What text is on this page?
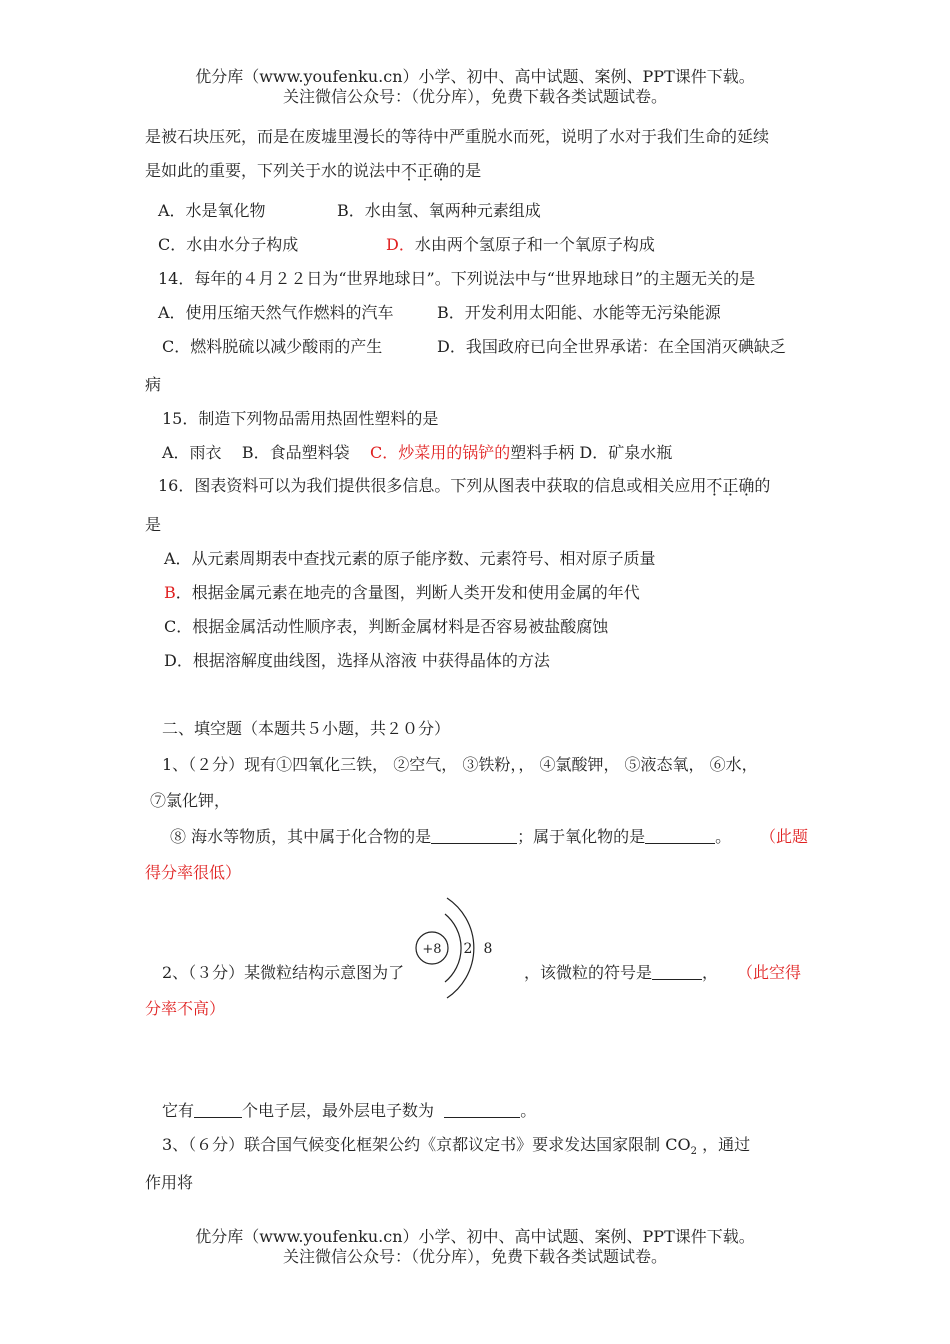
优分库（www.youfenku.cn）小学、初中、高中试题、案例、PPT课件下载。
关注微信公众号：（优分库），免费下载各类试题试卷。
是被石块压死，而是在废墟里漫长的等待中严重脱水而死，说明了水对于我们生命的延续
是如此的重要，下列关于水的说法中不正确的是
A．水是氧化物	B．水由氢、氧两种元素组成
C．水由水分子构成	D．水由两个氢原子和一个氧原子构成
14．每年的４月２２日为“世界地球日”。下列说法中与“世界地球日”的主题无关的是
A．使用压缩天然气作燃料的汽车	B．开发利用太阳能、水能等无污染能源
C．燃料脱硫以减少酸雨的产生	D．我国政府已向全世界承诺：在全国消灭碘缺乏
病
15．制造下列物品需用热固性塑料的是
A．雨衣 B．食品塑料袋 C．炒菜用的锅铲的塑料手柄 D．矿泉水瓶
16．图表资料可以为我们提供很多信息。下列从图表中获取的信息或相关应用不正确的
是
A．从元素周期表中查找元素的原子能序数、元素符号、相对原子质量
B．根据金属元素在地壳的含量图，判断人类开发和使用金属的年代
C．根据金属活动性顺序表，判断金属材料是否容易被盐酸腐蚀
D．根据溶解度曲线图，选择从溶液 中获得晶体的方法
二、填空题（本题共５小题，共２０分）
1、（２分）现有①四氧化三铁， ②空气， ③铁粉，， ④氯酸钾， ⑤液态氧， ⑥水，
⑦氯化钾，
⑧ 海水等物质，其中属于化合物的是	；属于氧化物的是	。 （此题
得分率很低）
+8 2 8
2、（３分）某微粒结构示意图为了	，该微粒的符号是	， （此空得
分率不高）
它有	个电子层，最外层电子数为	。
3、（６分）联合国气候变化框架公约《京都议定书》要求发达国家限制 $CO_2$ ，通过
作用将
优分库（www.youfenku.cn）小学、初中、高中试题、案例、PPT课件下载。
关注微信公众号：（优分库），免费下载各类试题试卷。
